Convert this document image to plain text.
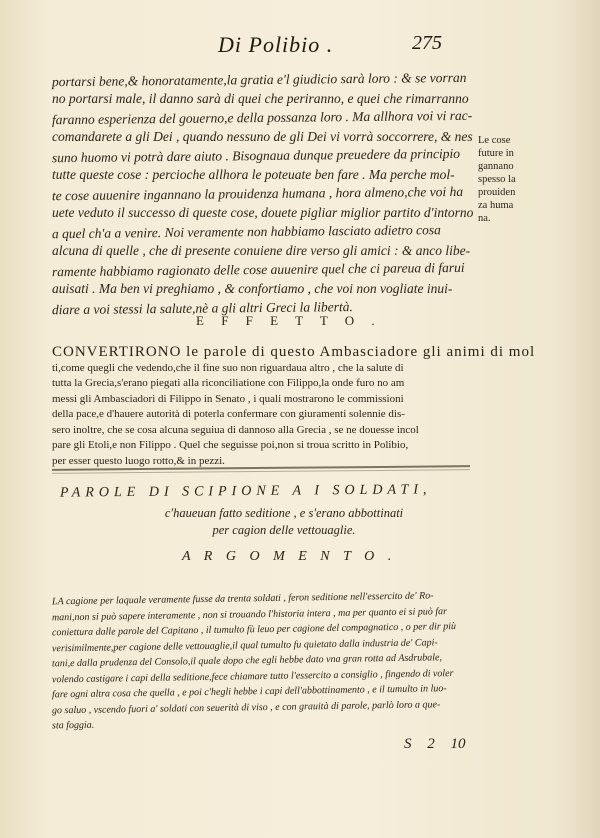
Di Polibio .	275
portarsi bene,& honoratamente,la gratia e'l giudicio sarà loro : & se vorran
no portarsi male, il danno sarà di quei che periranno, e quei che rimarranno
faranno esperienza del gouerno,e della possanza loro . Ma allhora voi vi rac-
comandarete a gli Dei , quando nessuno de gli Dei vi vorrà soccorrere, & nes
suno huomo vi potrà dare aiuto . Bisognaua dunque preuedere da principio
tutte queste cose : percioche allhora le poteuate ben fare . Ma perche mol-
te cose auuenire ingannano la prouidenza humana , hora almeno,che voi ha
uete veduto il successo di queste cose, douete pigliar miglior partito d'intorno
a quel ch'a a venire. Noi veramente non habbiamo lasciato adietro cosa
alcuna di quelle , che di presente conuiene dire verso gli amici : & anco libe-
ramente habbiamo ragionato delle cose auuenire quel che ci pareua di farui
auisati . Ma ben vi preghiamo , & confortiamo , che voi non vogliate inui-
diare a voi stessi la salute,nè a gli altri Greci la libertà.
Le cose
future in
gannano
spesso la
prouiden
za huma
na.
E F F E T T O .
CONVERTIRONO le parole di questo Ambasciadore gli animi di mol
ti,come quegli che vedendo,che il fine suo non riguardaua altro , che la salute di
tutta la Grecia,s'erano piegati alla riconciliatione con Filippo,la onde furo no am
messi gli Ambasciadori di Filippo in Senato , i quali mostrarono le commissioni
della pace,e d'hauere autorità di poterla confermare con giuramenti solennie dis-
sero inoltre, che se cosa alcuna seguiua di dannoso alla Grecia , se ne douesse incol
pare gli Etoli,e non Filippo . Quel che seguisse poi,non si troua scritto in Polibio,
per esser questo luogo rotto,& in pezzi.
PAROLE DI SCIPIONE A I SOLDATI,
c'haueuan fatto seditione , e s'erano abbottinati
per cagion delle vettouaglie.
A R G O M E N T O .
LA cagione per laquale veramente fusse da trenta soldati , feron seditione nell'essercito de' Ro-
mani,non si può sapere interamente , non si trouando l'historia intera , ma per quanto ei si può far
coniettura dalle parole del Capitano , il tumulto fù leuo per cagione del compagnatico , o per dir più
verisimilmente,per cagione delle vettouaglie,il qual tumulto fu quietato dalla industria de' Capi-
tani,e dalla prudenza del Consolo,il quale dopo che egli hebbe dato vna gran rotta ad Asdrubale,
volendo castigare i capi della seditione,fece chiamare tutto l'essercito a consiglio , fingendo di voler
fare ogni altra cosa che quella , e poi c'hegli hebbe i capi dell'abbottinamento , e il tumulto in luo-
go saluo , vscendo fuori a' soldati con seuerità di viso , e con grauità di parole, parlò loro a que-
sta foggia.
S 2 10
